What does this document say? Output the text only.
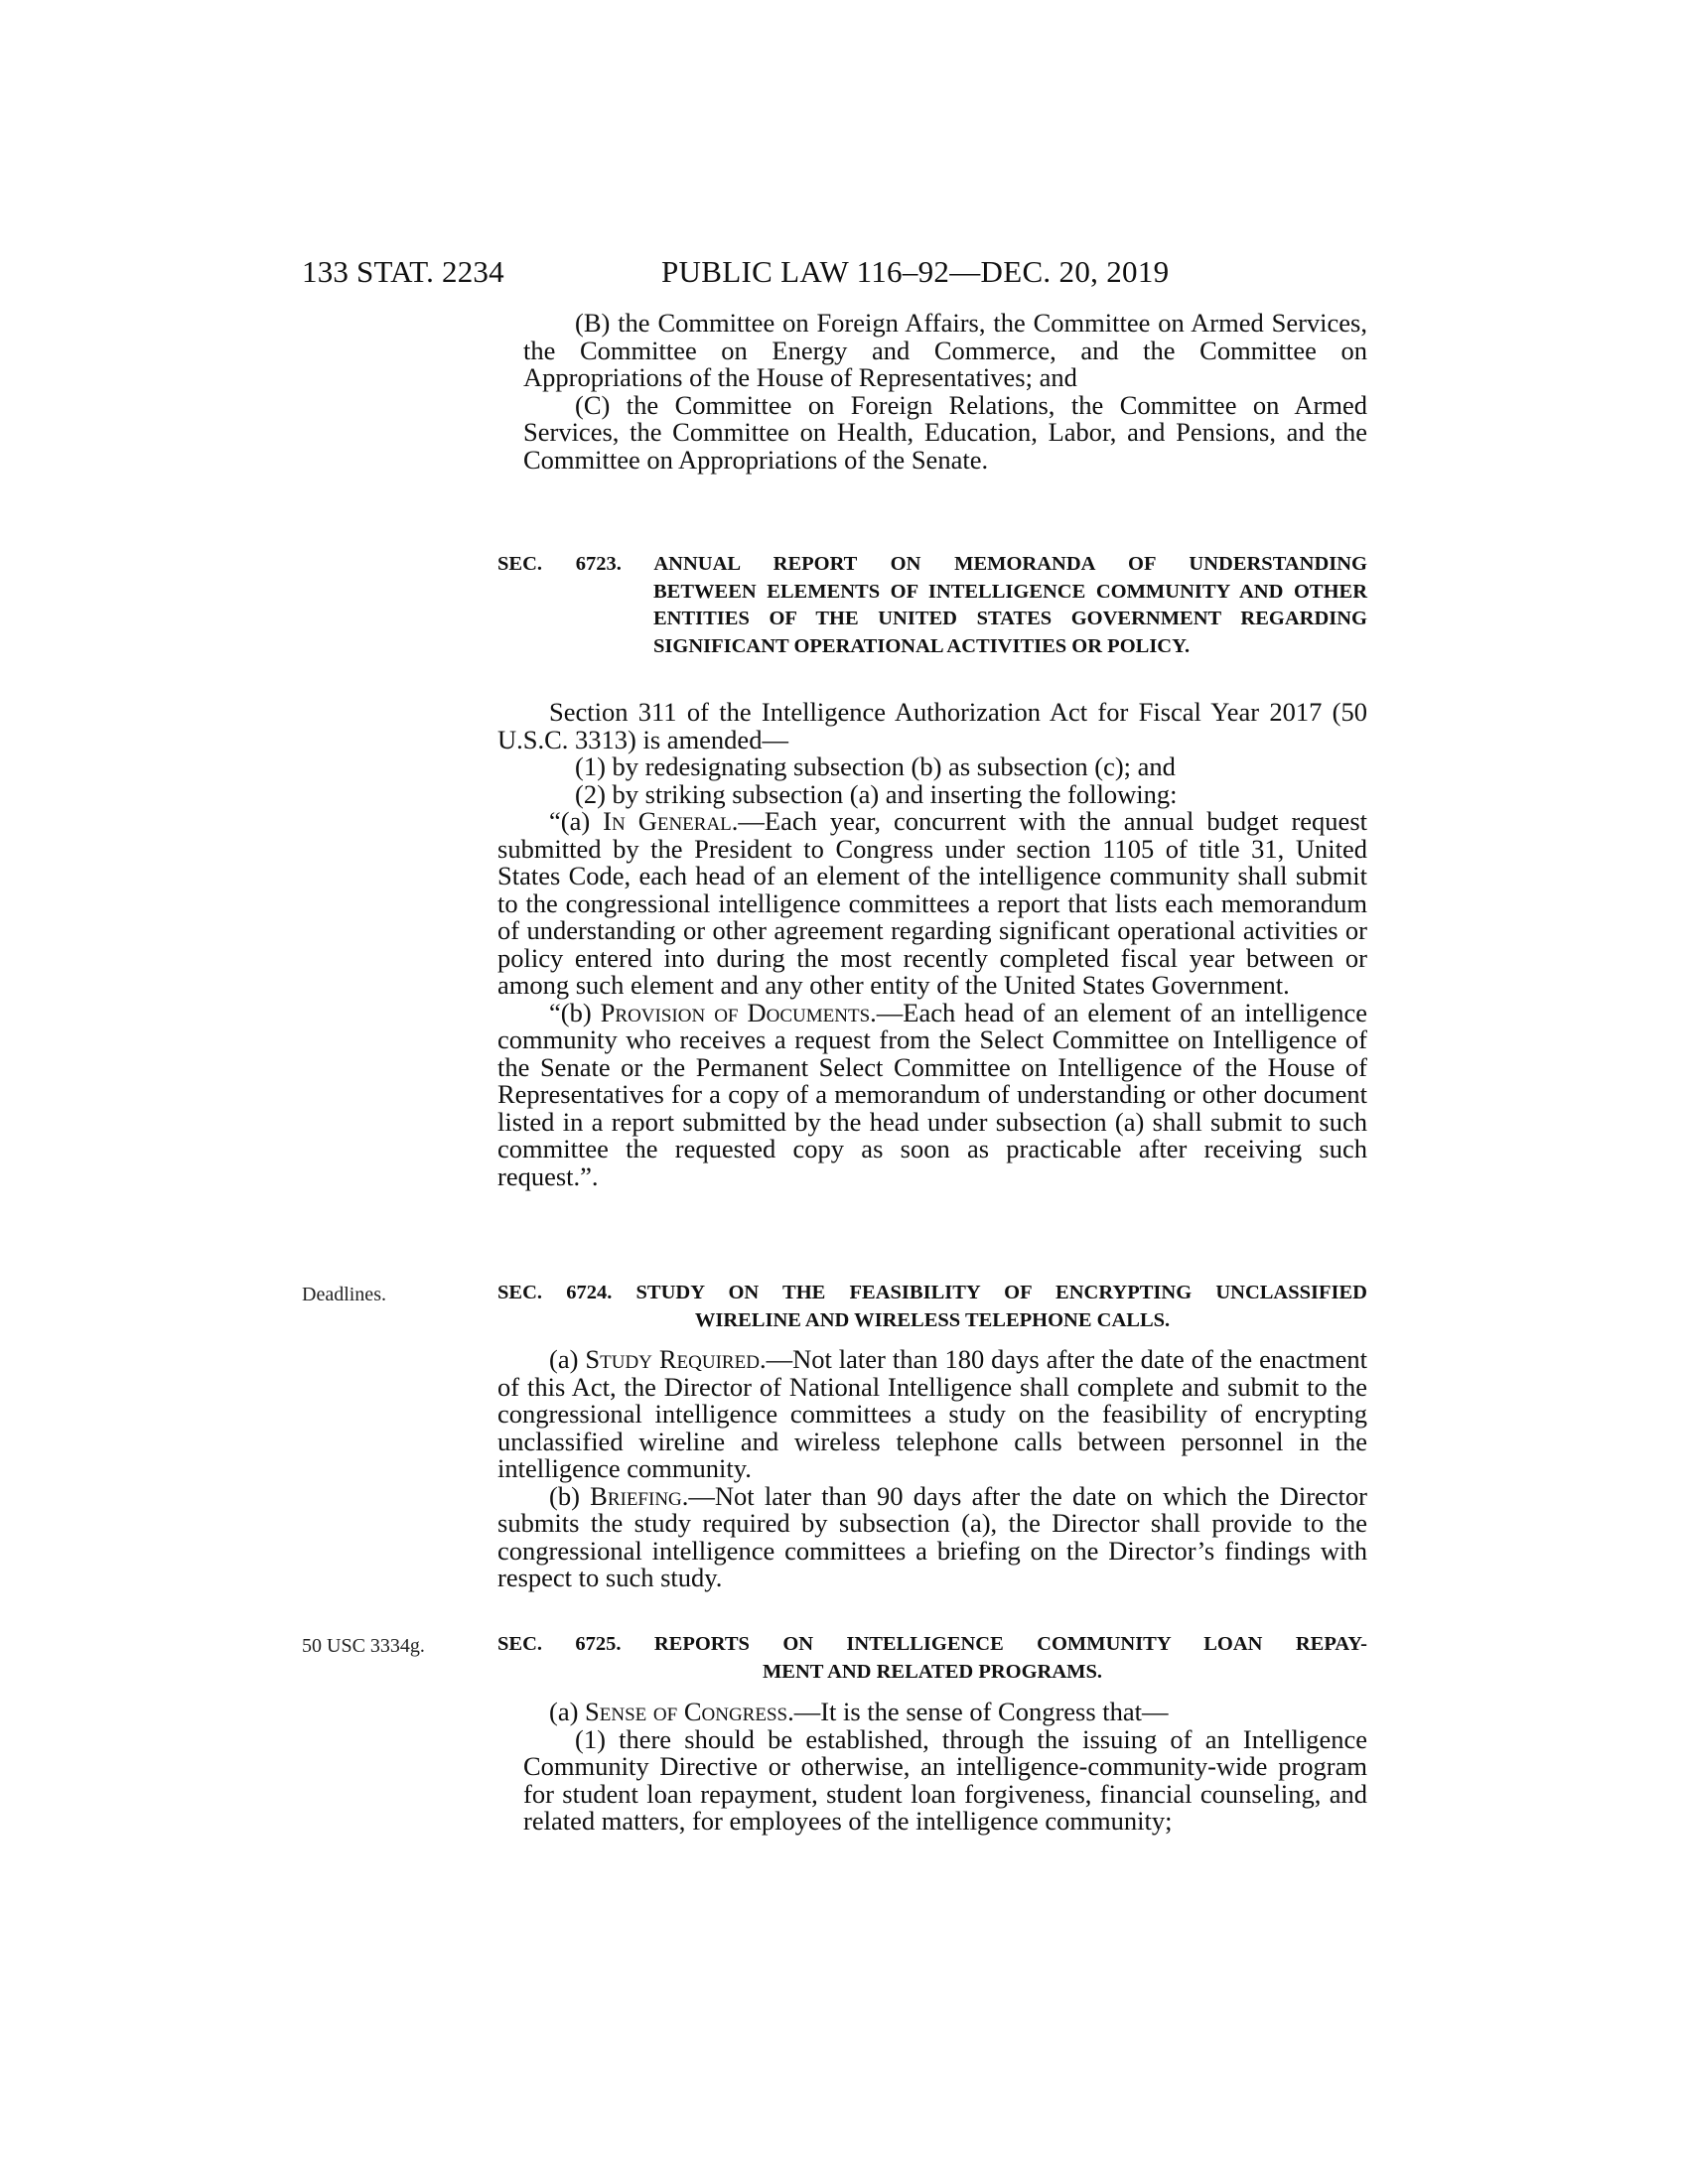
133 STAT. 2234	PUBLIC LAW 116–92—DEC. 20, 2019

(B) the Committee on Foreign Affairs, the Committee on Armed Services, the Committee on Energy and Commerce, and the Committee on Appropriations of the House of Representatives; and

(C) the Committee on Foreign Relations, the Committee on Armed Services, the Committee on Health, Education, Labor, and Pensions, and the Committee on Appropriations of the Senate.

SEC. 6723. ANNUAL REPORT ON MEMORANDA OF UNDERSTANDING
BETWEEN ELEMENTS OF INTELLIGENCE COMMUNITY AND OTHER ENTITIES OF THE UNITED STATES GOVERNMENT REGARDING SIGNIFICANT OPERATIONAL ACTIVITIES OR POLICY.

Section 311 of the Intelligence Authorization Act for Fiscal Year 2017 (50 U.S.C. 3313) is amended—

(1) by redesignating subsection (b) as subsection (c); and

(2) by striking subsection (a) and inserting the following:

“(a) In General.—Each year, concurrent with the annual budget request submitted by the President to Congress under section 1105 of title 31, United States Code, each head of an element of the intelligence community shall submit to the congressional intelligence committees a report that lists each memorandum of understanding or other agreement regarding significant operational activities or policy entered into during the most recently completed fiscal year between or among such element and any other entity of the United States Government.

“(b) Provision of Documents.—Each head of an element of an intelligence community who receives a request from the Select Committee on Intelligence of the Senate or the Permanent Select Committee on Intelligence of the House of Representatives for a copy of a memorandum of understanding or other document listed in a report submitted by the head under subsection (a) shall submit to such committee the requested copy as soon as practicable after receiving such request.”.

Deadlines.	SEC. 6724. STUDY ON THE FEASIBILITY OF ENCRYPTING UNCLASSIFIED
WIRELINE AND WIRELESS TELEPHONE CALLS.

(a) Study Required.—Not later than 180 days after the date of the enactment of this Act, the Director of National Intelligence shall complete and submit to the congressional intelligence committees a study on the feasibility of encrypting unclassified wireline and wireless telephone calls between personnel in the intelligence community.

(b) Briefing.—Not later than 90 days after the date on which the Director submits the study required by subsection (a), the Director shall provide to the congressional intelligence committees a briefing on the Director’s findings with respect to such study.

50 USC 3334g.	SEC. 6725. REPORTS ON INTELLIGENCE COMMUNITY LOAN REPAY-
MENT AND RELATED PROGRAMS.

(a) Sense of Congress.—It is the sense of Congress that—

(1) there should be established, through the issuing of an Intelligence Community Directive or otherwise, an intelligence-community-wide program for student loan repayment, student loan forgiveness, financial counseling, and related matters, for employees of the intelligence community;
